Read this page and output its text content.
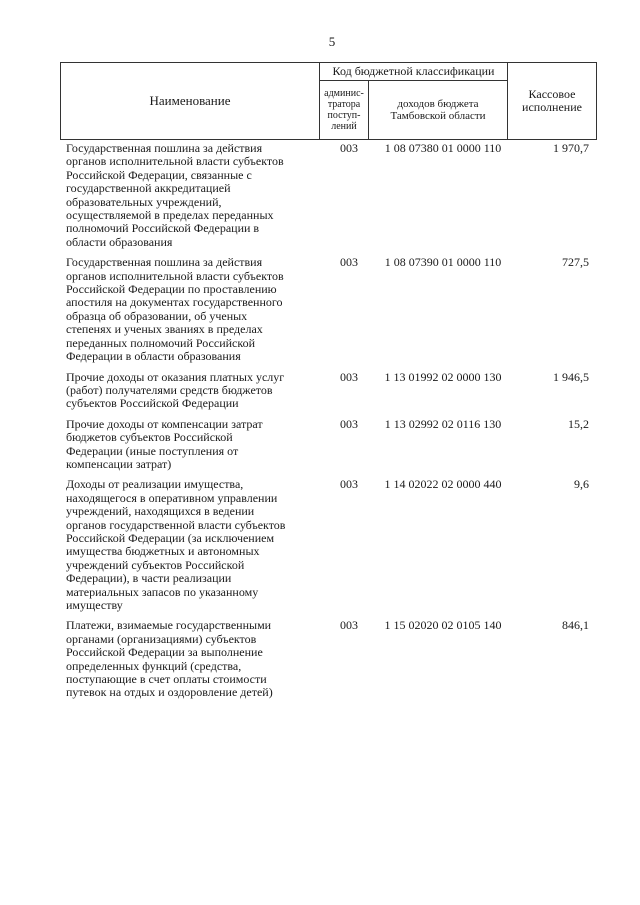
5
Наименование	Код бюджетной классификации		Кассовое
исполнение
	админис-
тратора
поступ-
лений	доходов бюджета
Тамбовской области	
Государственная пошлина за действия
органов исполнительной власти субъектов
Российской Федерации, связанные с
государственной аккредитацией
образовательных учреждений,
осуществляемой в пределах переданных
полномочий Российской Федерации в
области образования
003	1 08 07380 01 0000 110	1 970,7
Государственная пошлина за действия
органов исполнительной власти субъектов
Российской Федерации по проставлению
апостиля на документах государственного
образца об образовании, об ученых
степенях и ученых званиях в пределах
переданных полномочий Российской
Федерации в области образования
003	1 08 07390 01 0000 110	727,5
Прочие доходы от оказания платных услуг
(работ) получателями средств бюджетов
субъектов Российской Федерации
003	1 13 01992 02 0000 130	1 946,5
Прочие доходы от компенсации затрат
бюджетов субъектов Российской
Федерации (иные поступления от
компенсации затрат)
003	1 13 02992 02 0116 130	15,2
Доходы от реализации имущества,
находящегося в оперативном управлении
учреждений, находящихся в ведении
органов государственной власти субъектов
Российской Федерации (за исключением
имущества бюджетных и автономных
учреждений субъектов Российской
Федерации), в части реализации
материальных запасов по указанному
имуществу
003	1 14 02022 02 0000 440	9,6
Платежи, взимаемые государственными
органами (организациями) субъектов
Российской Федерации за выполнение
определенных функций (средства,
поступающие в счет оплаты стоимости
путевок на отдых и оздоровление детей)
003	1 15 02020 02 0105 140	846,1
